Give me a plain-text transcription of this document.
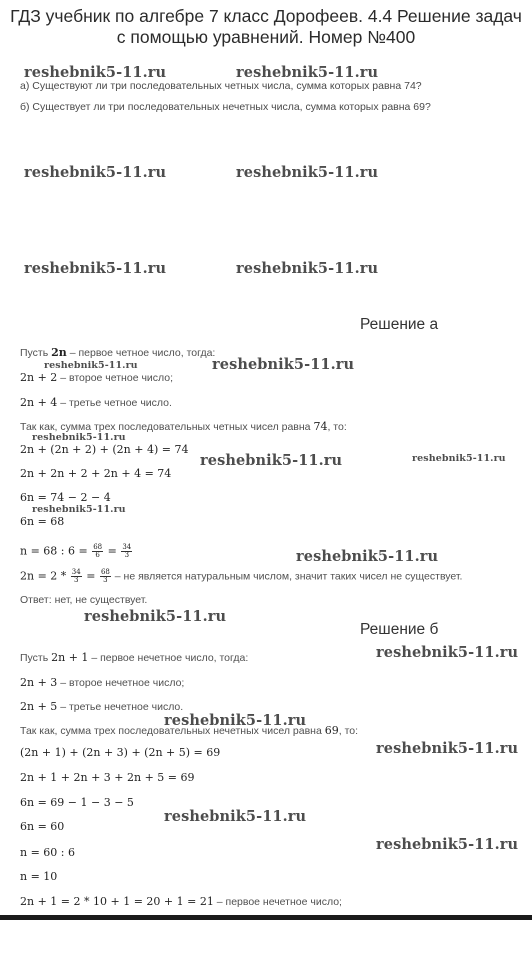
ГДЗ учебник по алгебре 7 класс Дорофеев. 4.4 Решение задач
с помощью уравнений. Номер №400
reshebnik5-11.ru	reshebnik5-11.ru
а) Существуют ли три последовательных четных числа, сумма которых равна 74?
б) Существует ли три последовательных нечетных числа, сумма которых равна 69?
reshebnik5-11.ru	reshebnik5-11.ru
reshebnik5-11.ru	reshebnik5-11.ru
Решение а
Пусть 2n – первое четное число, тогда:
reshebnik5-11.ru	reshebnik5-11.ru
2n + 2 – второе четное число;
2n + 4 – третье четное число.
Так как, сумма трех последовательных четных чисел равна 74, то:
reshebnik5-11.ru
2n + (2n + 2) + (2n + 4) = 74
reshebnik5-11.ru	reshebnik5-11.ru
2n + 2n + 2 + 2n + 4 = 74
6n = 74 − 2 − 4
reshebnik5-11.ru
6n = 68
n = 68 : $6 = \frac{68}{6} = \frac{34}{3}$	reshebnik5-11.ru
$2n = 2 * \frac{34}{3} = \frac{68}{3}$ – не является натуральным числом, значит таких чисел не существует.
Ответ: нет, не существует.
reshebnik5-11.ru
Решение б
reshebnik5-11.ru
Пусть 2n + 1 – первое нечетное число, тогда:
2n + 3 – второе нечетное число;
2n + 5 – третье нечетное число.
reshebnik5-11.ru
Так как, сумма трех последовательных нечетных чисел равна 69, то:
reshebnik5-11.ru
(2n + 1) + (2n + 3) + (2n + 5) = 69
2n + 1 + 2n + 3 + 2n + 5 = 69
6n = 69 − 1 − 3 − 5
reshebnik5-11.ru
6n = 60
reshebnik5-11.ru
n = 60 : 6
n = 10
2n + 1 = 2 * 10 + 1 = 20 + 1 = 21 – первое нечетное число;
